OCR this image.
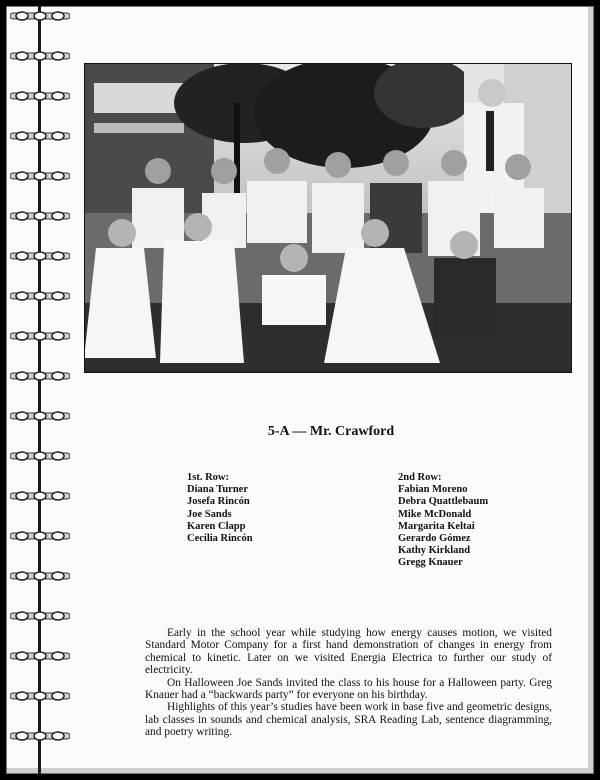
5-A — Mr. Crawford
1st. Row:
Diana Turner
Josefa Rincón
Joe Sands
Karen Clapp
Cecilia Rincón
2nd Row:
Fabian Moreno
Debra Quattlebaum
Mike McDonald
Margarita Keltai
Gerardo Gómez
Kathy Kirkland
Gregg Knauer

Early in the school year while studying how energy causes motion, we visited Standard Motor Company for a first hand demonstration of changes in energy from chemical to kinetic. Later on we visited Energia Electrica to further our study of electricity.

On Halloween Joe Sands invited the class to his house for a Halloween party. Greg Knauer had a “backwards party” for everyone on his birthday.

Highlights of this year’s studies have been work in base five and geometric designs, lab classes in sounds and chemical analysis, SRA Reading Lab, sentence diagramming, and poetry writing.
